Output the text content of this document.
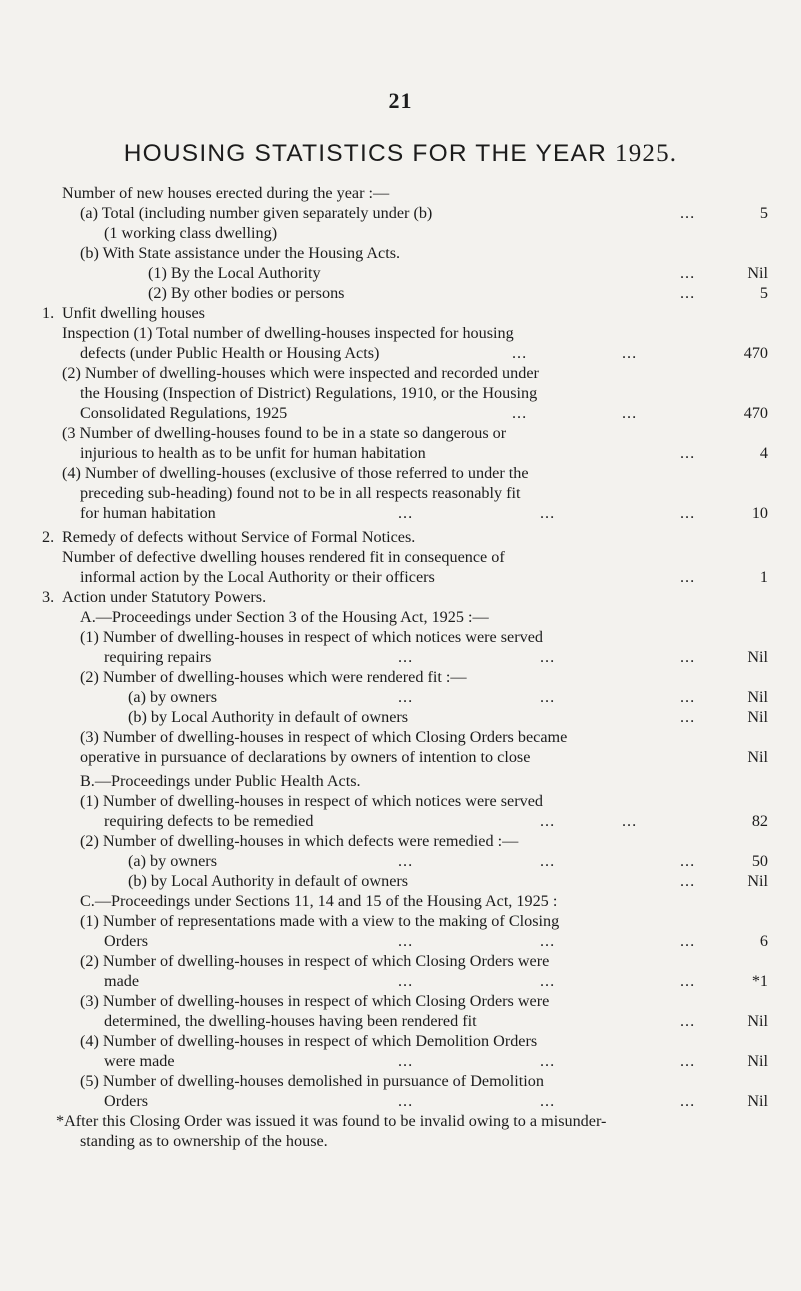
21
HOUSING STATISTICS FOR THE YEAR 1925.
Number of new houses erected during the year :—
(a) Total (including number given separately under (b)	...	5
(1 working class dwelling)
(b) With State assistance under the Housing Acts.
(1) By the Local Authority	...	Nil
(2) By other bodies or persons	...	5
1. Unfit dwelling houses
Inspection (1) Total number of dwelling-houses inspected for housing
defects (under Public Health or Housing Acts)	...	...	470
(2) Number of dwelling-houses which were inspected and recorded under
the Housing (Inspection of District) Regulations, 1910, or the Housing
Consolidated Regulations, 1925	...	...	470
(3 Number of dwelling-houses found to be in a state so dangerous or
injurious to health as to be unfit for human habitation	...	4
(4) Number of dwelling-houses (exclusive of those referred to under the
preceding sub-heading) found not to be in all respects reasonably fit
for human habitation	...	...	...	10
2. Remedy of defects without Service of Formal Notices.
Number of defective dwelling houses rendered fit in consequence of
informal action by the Local Authority or their officers	...	1
3. Action under Statutory Powers.
A.—Proceedings under Section 3 of the Housing Act, 1925 :—
(1) Number of dwelling-houses in respect of which notices were served
requiring repairs	...	...	...	Nil
(2) Number of dwelling-houses which were rendered fit :—
(a) by owners	...	...	...	Nil
(b) by Local Authority in default of owners	...	Nil
(3) Number of dwelling-houses in respect of which Closing Orders became
operative in pursuance of declarations by owners of intention to close	Nil
B.—Proceedings under Public Health Acts.
(1) Number of dwelling-houses in respect of which notices were served
requiring defects to be remedied	...	...	82
(2) Number of dwelling-houses in which defects were remedied :—
(a) by owners	...	...	...	50
(b) by Local Authority in default of owners	...	Nil
C.—Proceedings under Sections 11, 14 and 15 of the Housing Act, 1925 :
(1) Number of representations made with a view to the making of Closing
Orders	...	...	...	6
(2) Number of dwelling-houses in respect of which Closing Orders were
made	...	...	...	*1
(3) Number of dwelling-houses in respect of which Closing Orders were
determined, the dwelling-houses having been rendered fit	...	Nil
(4) Number of dwelling-houses in respect of which Demolition Orders
were made	...	...	...	Nil
(5) Number of dwelling-houses demolished in pursuance of Demolition
Orders	...	...	...	Nil
*After this Closing Order was issued it was found to be invalid owing to a misunder-
standing as to ownership of the house.
